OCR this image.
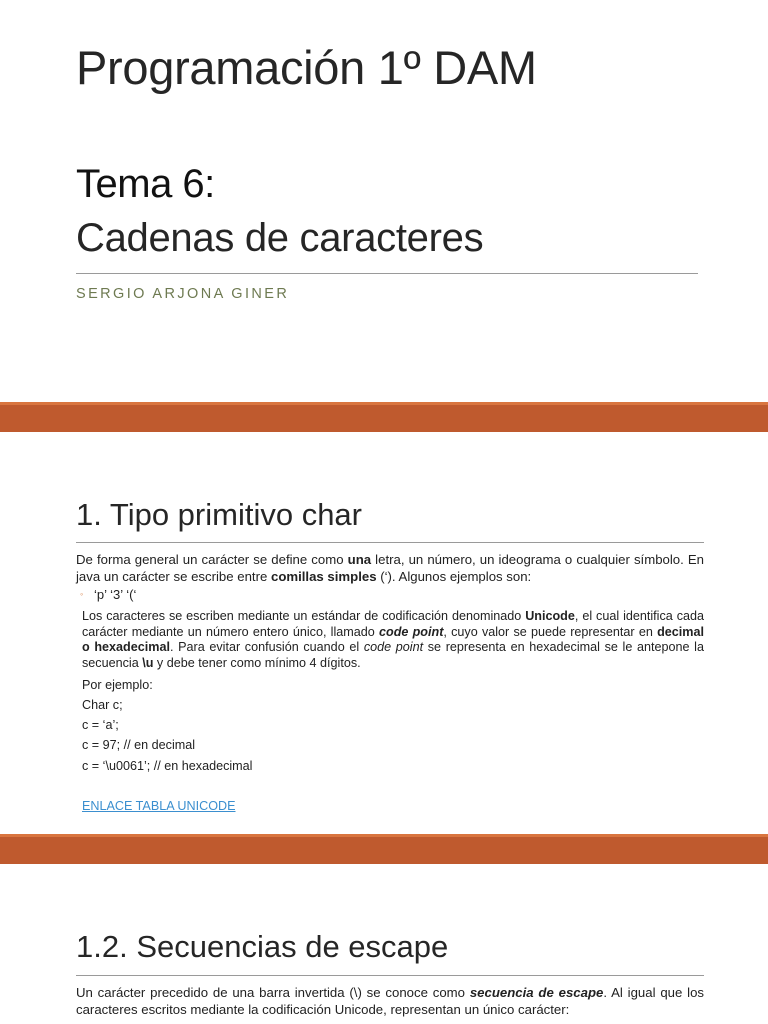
Programación 1º DAM
Tema 6:
Cadenas de caracteres
SERGIO ARJONA GINER
1. Tipo primitivo char

De forma general un carácter se define como una letra, un número, un ideograma o cualquier símbolo. En java un carácter se escribe entre comillas simples (‘). Algunos ejemplos son:

◦ ‘p’ ‘3’ ‘(‘

Los caracteres se escriben mediante un estándar de codificación denominado Unicode, el cual identifica cada carácter mediante un número entero único, llamado code point, cuyo valor se puede representar en decimal o hexadecimal. Para evitar confusión cuando el code point se representa en hexadecimal se le antepone la secuencia \u y debe tener como mínimo 4 dígitos.

Por ejemplo:

Char c;

c = ‘a’;

c = 97; // en decimal

c = ‘\u0061’; // en hexadecimal

ENLACE TABLA UNICODE
1.2. Secuencias de escape

Un carácter precedido de una barra invertida (\) se conoce como secuencia de escape. Al igual que los caracteres escritos mediante la codificación Unicode, representan un único carácter:
